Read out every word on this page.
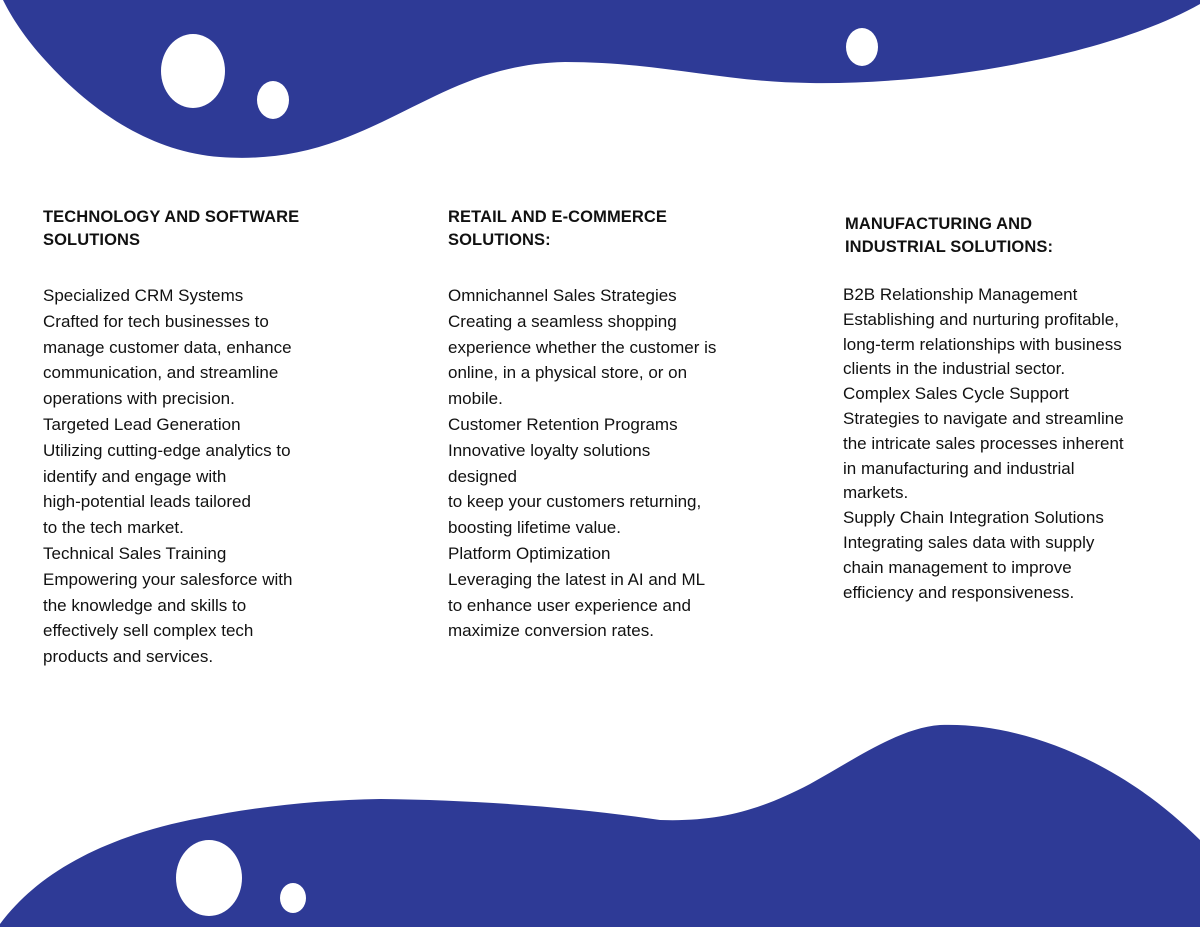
TECHNOLOGY AND SOFTWARE
SOLUTIONS
Specialized CRM Systems
Crafted for tech businesses to
manage customer data, enhance
communication, and streamline
operations with precision.
Targeted Lead Generation
Utilizing cutting-edge analytics to
identify and engage with
high-potential leads tailored
to the tech market.
Technical Sales Training
Empowering your salesforce with
the knowledge and skills to
effectively sell complex tech
products and services.
RETAIL AND E-COMMERCE
SOLUTIONS:
Omnichannel Sales Strategies
Creating a seamless shopping
experience whether the customer is
online, in a physical store, or on
mobile.
Customer Retention Programs
Innovative loyalty solutions
designed
to keep your customers returning,
boosting lifetime value.
Platform Optimization
Leveraging the latest in AI and ML
to enhance user experience and
maximize conversion rates.
MANUFACTURING AND
INDUSTRIAL SOLUTIONS:
B2B Relationship Management
Establishing and nurturing profitable,
long-term relationships with business
clients in the industrial sector.
Complex Sales Cycle Support
Strategies to navigate and streamline
the intricate sales processes inherent
in manufacturing and industrial
markets.
Supply Chain Integration Solutions
Integrating sales data with supply
chain management to improve
efficiency and responsiveness.
